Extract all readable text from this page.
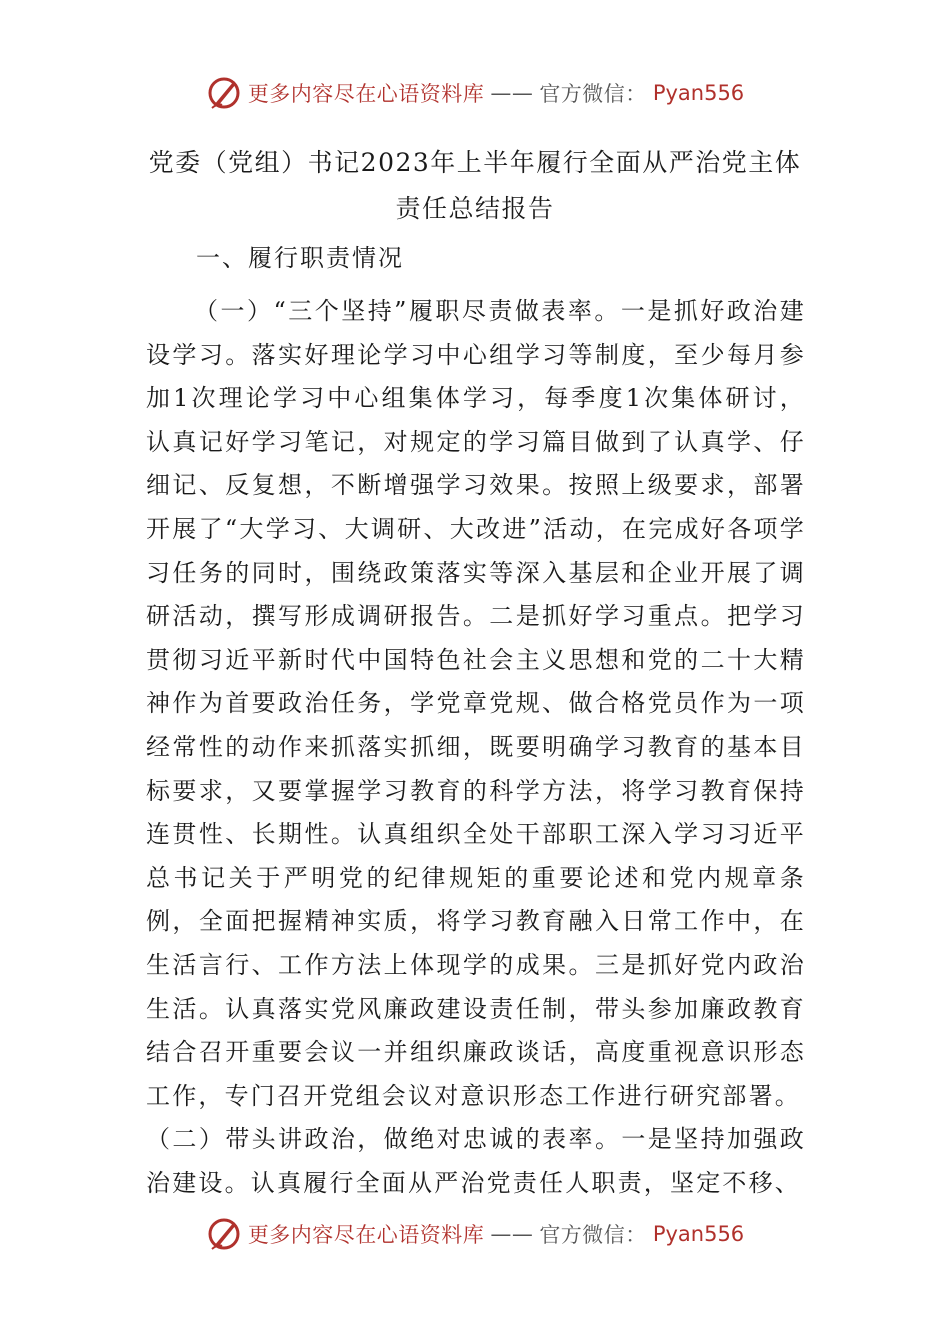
更多内容尽在心语资料库 —— 官方微信： Pyan556
党委（党组）书记2023年上半年履行全面从严治党主体责任总结报告
一、履行职责情况

（一）“三个坚持”履职尽责做表率。一是抓好政治建设学习。落实好理论学习中心组学习等制度，至少每月参加1次理论学习中心组集体学习，每季度1次集体研讨，认真记好学习笔记，对规定的学习篇目做到了认真学、仔细记、反复想，不断增强学习效果。按照上级要求，部署开展了“大学习、大调研、大改进”活动，在完成好各项学习任务的同时，围绕政策落实等深入基层和企业开展了调研活动，撰写形成调研报告。二是抓好学习重点。把学习贯彻习近平新时代中国特色社会主义思想和党的二十大精神作为首要政治任务，学党章党规、做合格党员作为一项经常性的动作来抓落实抓细，既要明确学习教育的基本目标要求，又要掌握学习教育的科学方法，将学习教育保持连贯性、长期性。认真组织全处干部职工深入学习习近平总书记关于严明党的纪律规矩的重要论述和党内规章条例，全面把握精神实质，将学习教育融入日常工作中，在生活言行、工作方法上体现学的成果。三是抓好党内政治生活。认真落实党风廉政建设责任制，带头参加廉政教育结合召开重要会议一并组织廉政谈话，高度重视意识形态工作，专门召开党组会议对意识形态工作进行研究部署。

（二）带头讲政治，做绝对忠诚的表率。一是坚持加强政治建设。认真履行全面从严治党责任人职责，坚定不移、

更多内容尽在心语资料库 —— 官方微信： Pyan556
